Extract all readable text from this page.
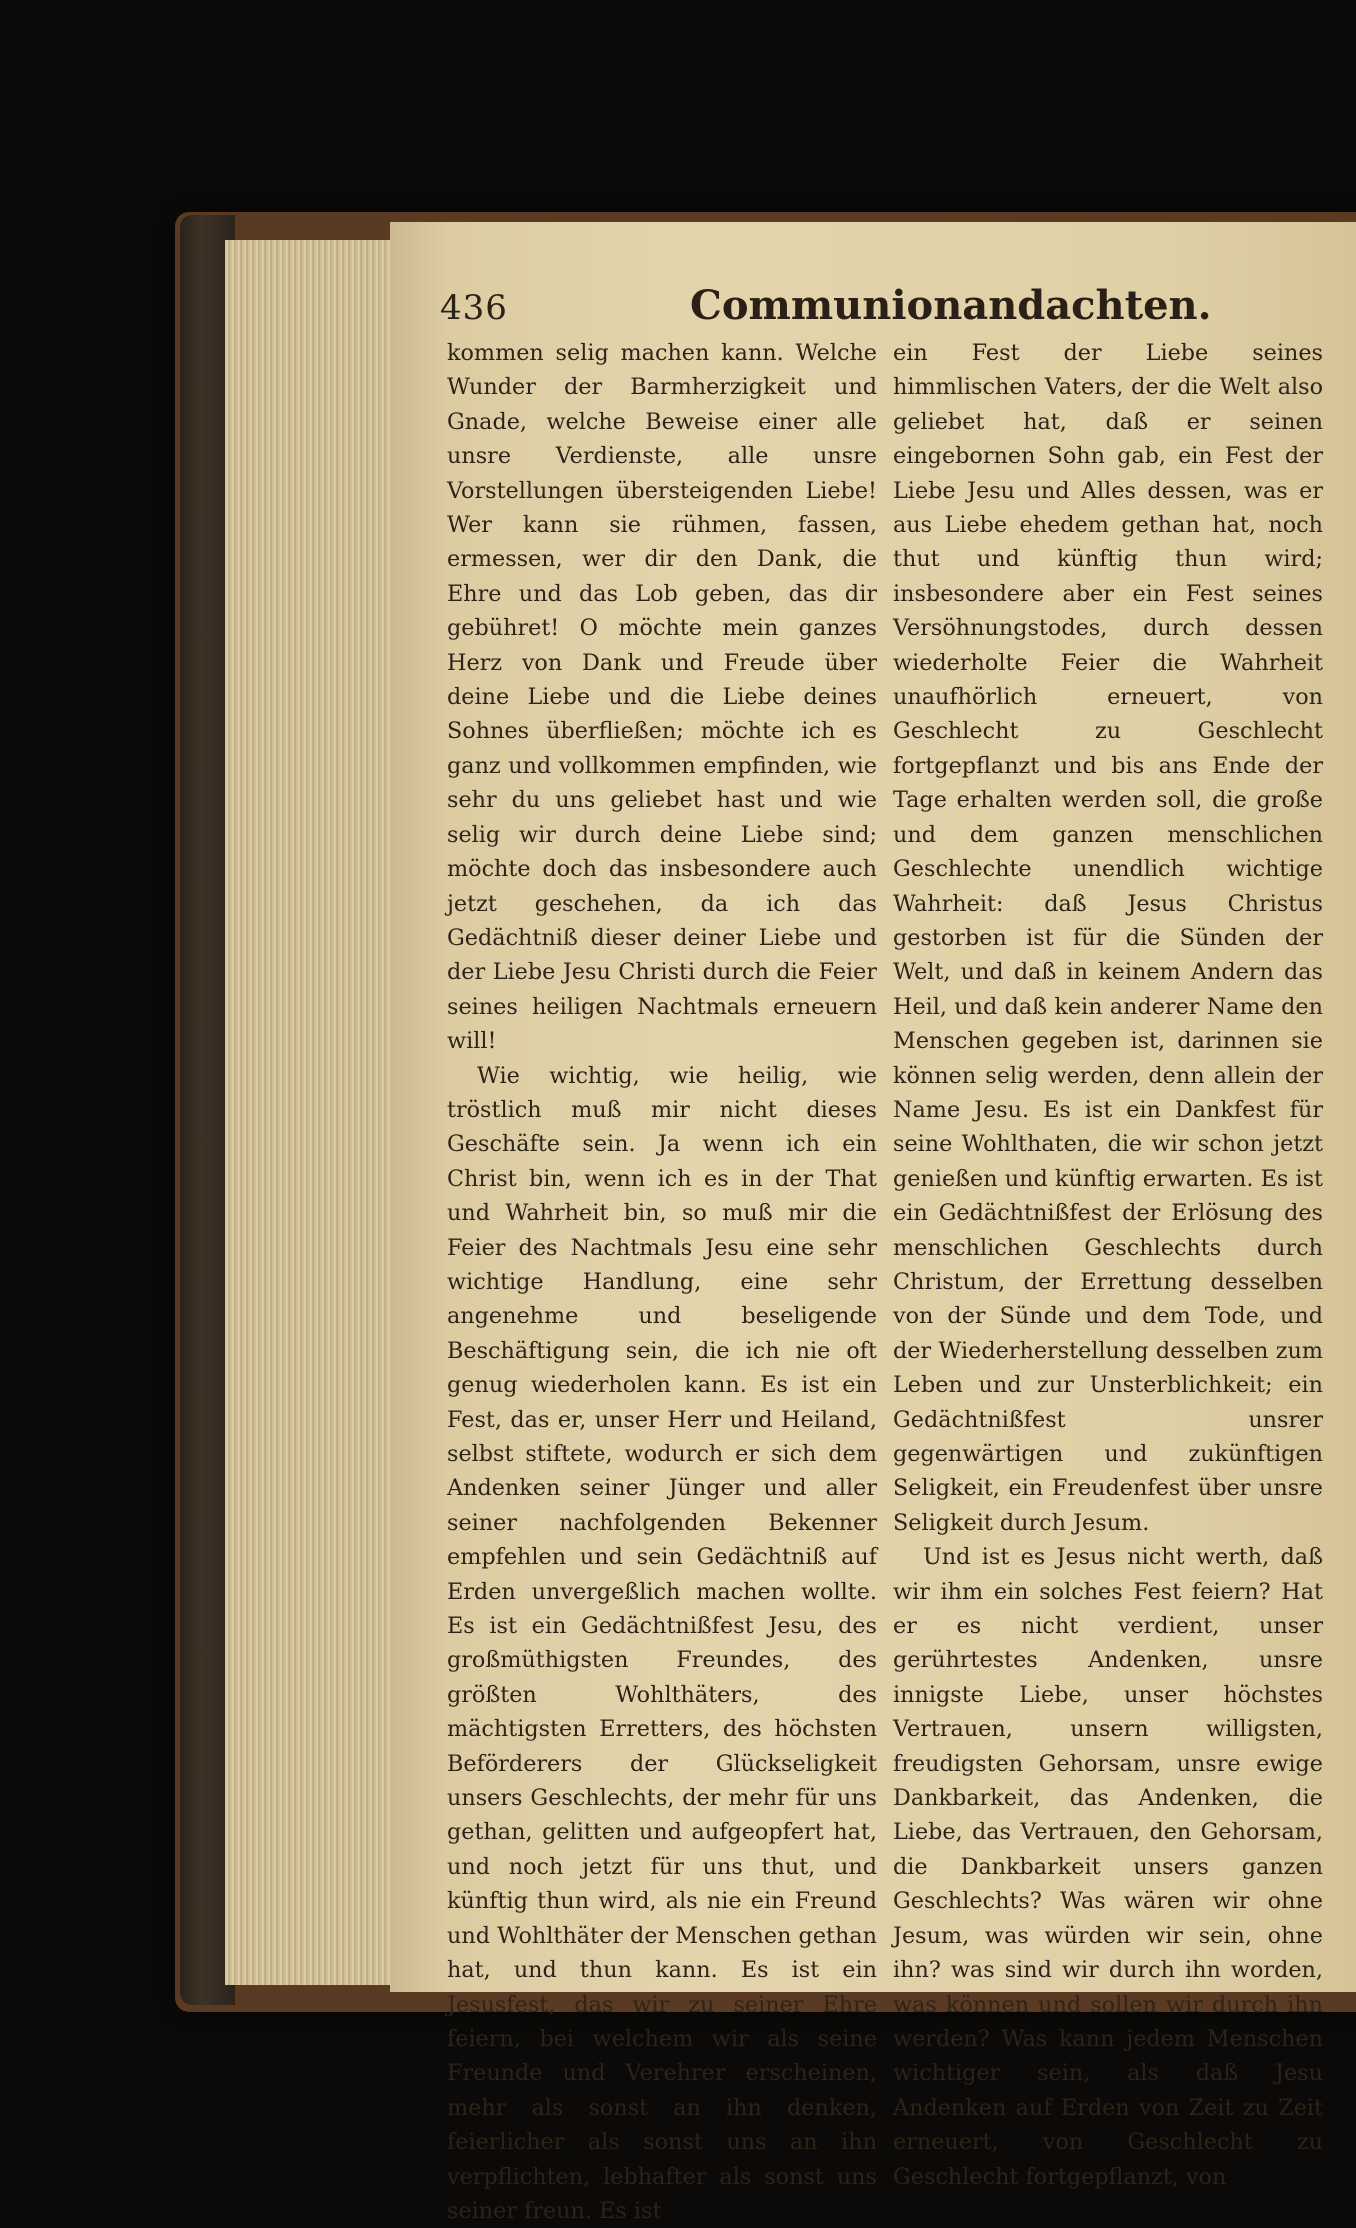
436	Communionandachten.

kommen selig machen kann. Welche Wunder der Barmherzigkeit und Gnade, welche Beweise einer alle unsre Verdienste, alle unsre Vorstellungen übersteigenden Liebe! Wer kann sie rühmen, fassen, ermessen, wer dir den Dank, die Ehre und das Lob geben, das dir gebühret! O möchte mein ganzes Herz von Dank und Freude über deine Liebe und die Liebe deines Sohnes überfließen; möchte ich es ganz und vollkommen empfinden, wie sehr du uns geliebet hast und wie selig wir durch deine Liebe sind; möchte doch das insbesondere auch jetzt geschehen, da ich das Gedächtniß dieser deiner Liebe und der Liebe Jesu Christi durch die Feier seines heiligen Nachtmals erneuern will!

Wie wichtig, wie heilig, wie tröstlich muß mir nicht dieses Geschäfte sein. Ja wenn ich ein Christ bin, wenn ich es in der That und Wahrheit bin, so muß mir die Feier des Nachtmals Jesu eine sehr wichtige Handlung, eine sehr angenehme und beseligende Beschäftigung sein, die ich nie oft genug wiederholen kann. Es ist ein Fest, das er, unser Herr und Heiland, selbst stiftete, wodurch er sich dem Andenken seiner Jünger und aller seiner nachfolgenden Bekenner empfehlen und sein Gedächtniß auf Erden unvergeßlich machen wollte. Es ist ein Gedächtnißfest Jesu, des großmüthigsten Freundes, des größten Wohlthäters, des mächtigsten Erretters, des höchsten Beförderers der Glückseligkeit unsers Geschlechts, der mehr für uns gethan, gelitten und aufgeopfert hat, und noch jetzt für uns thut, und künftig thun wird, als nie ein Freund und Wohlthäter der Menschen gethan hat, und thun kann. Es ist ein Jesusfest, das wir zu seiner Ehre feiern, bei welchem wir als seine Freunde und Verehrer erscheinen, mehr als sonst an ihn denken, feierlicher als sonst uns an ihn verpflichten, lebhafter als sonst uns seiner freun. Es ist

ein Fest der Liebe seines himmlischen Vaters, der die Welt also geliebet hat, daß er seinen eingebornen Sohn gab, ein Fest der Liebe Jesu und Alles dessen, was er aus Liebe ehedem gethan hat, noch thut und künftig thun wird; insbesondere aber ein Fest seines Versöhnungstodes, durch dessen wiederholte Feier die Wahrheit unaufhörlich erneuert, von Geschlecht zu Geschlecht fortgepflanzt und bis ans Ende der Tage erhalten werden soll, die große und dem ganzen menschlichen Geschlechte unendlich wichtige Wahrheit: daß Jesus Christus gestorben ist für die Sünden der Welt, und daß in keinem Andern das Heil, und daß kein anderer Name den Menschen gegeben ist, darinnen sie können selig werden, denn allein der Name Jesu. Es ist ein Dankfest für seine Wohlthaten, die wir schon jetzt genießen und künftig erwarten. Es ist ein Gedächtnißfest der Erlösung des menschlichen Geschlechts durch Christum, der Errettung desselben von der Sünde und dem Tode, und der Wiederherstellung desselben zum Leben und zur Unsterblichkeit; ein Gedächtnißfest unsrer gegenwärtigen und zukünftigen Seligkeit, ein Freudenfest über unsre Seligkeit durch Jesum.

Und ist es Jesus nicht werth, daß wir ihm ein solches Fest feiern? Hat er es nicht verdient, unser gerührtestes Andenken, unsre innigste Liebe, unser höchstes Vertrauen, unsern willigsten, freudigsten Gehorsam, unsre ewige Dankbarkeit, das Andenken, die Liebe, das Vertrauen, den Gehorsam, die Dankbarkeit unsers ganzen Geschlechts? Was wären wir ohne Jesum, was würden wir sein, ohne ihn? was sind wir durch ihn worden, was können und sollen wir durch ihn werden? Was kann jedem Menschen wichtiger sein, als daß Jesu Andenken auf Erden von Zeit zu Zeit erneuert, von Geschlecht zu Geschlecht fortgepflanzt, von
